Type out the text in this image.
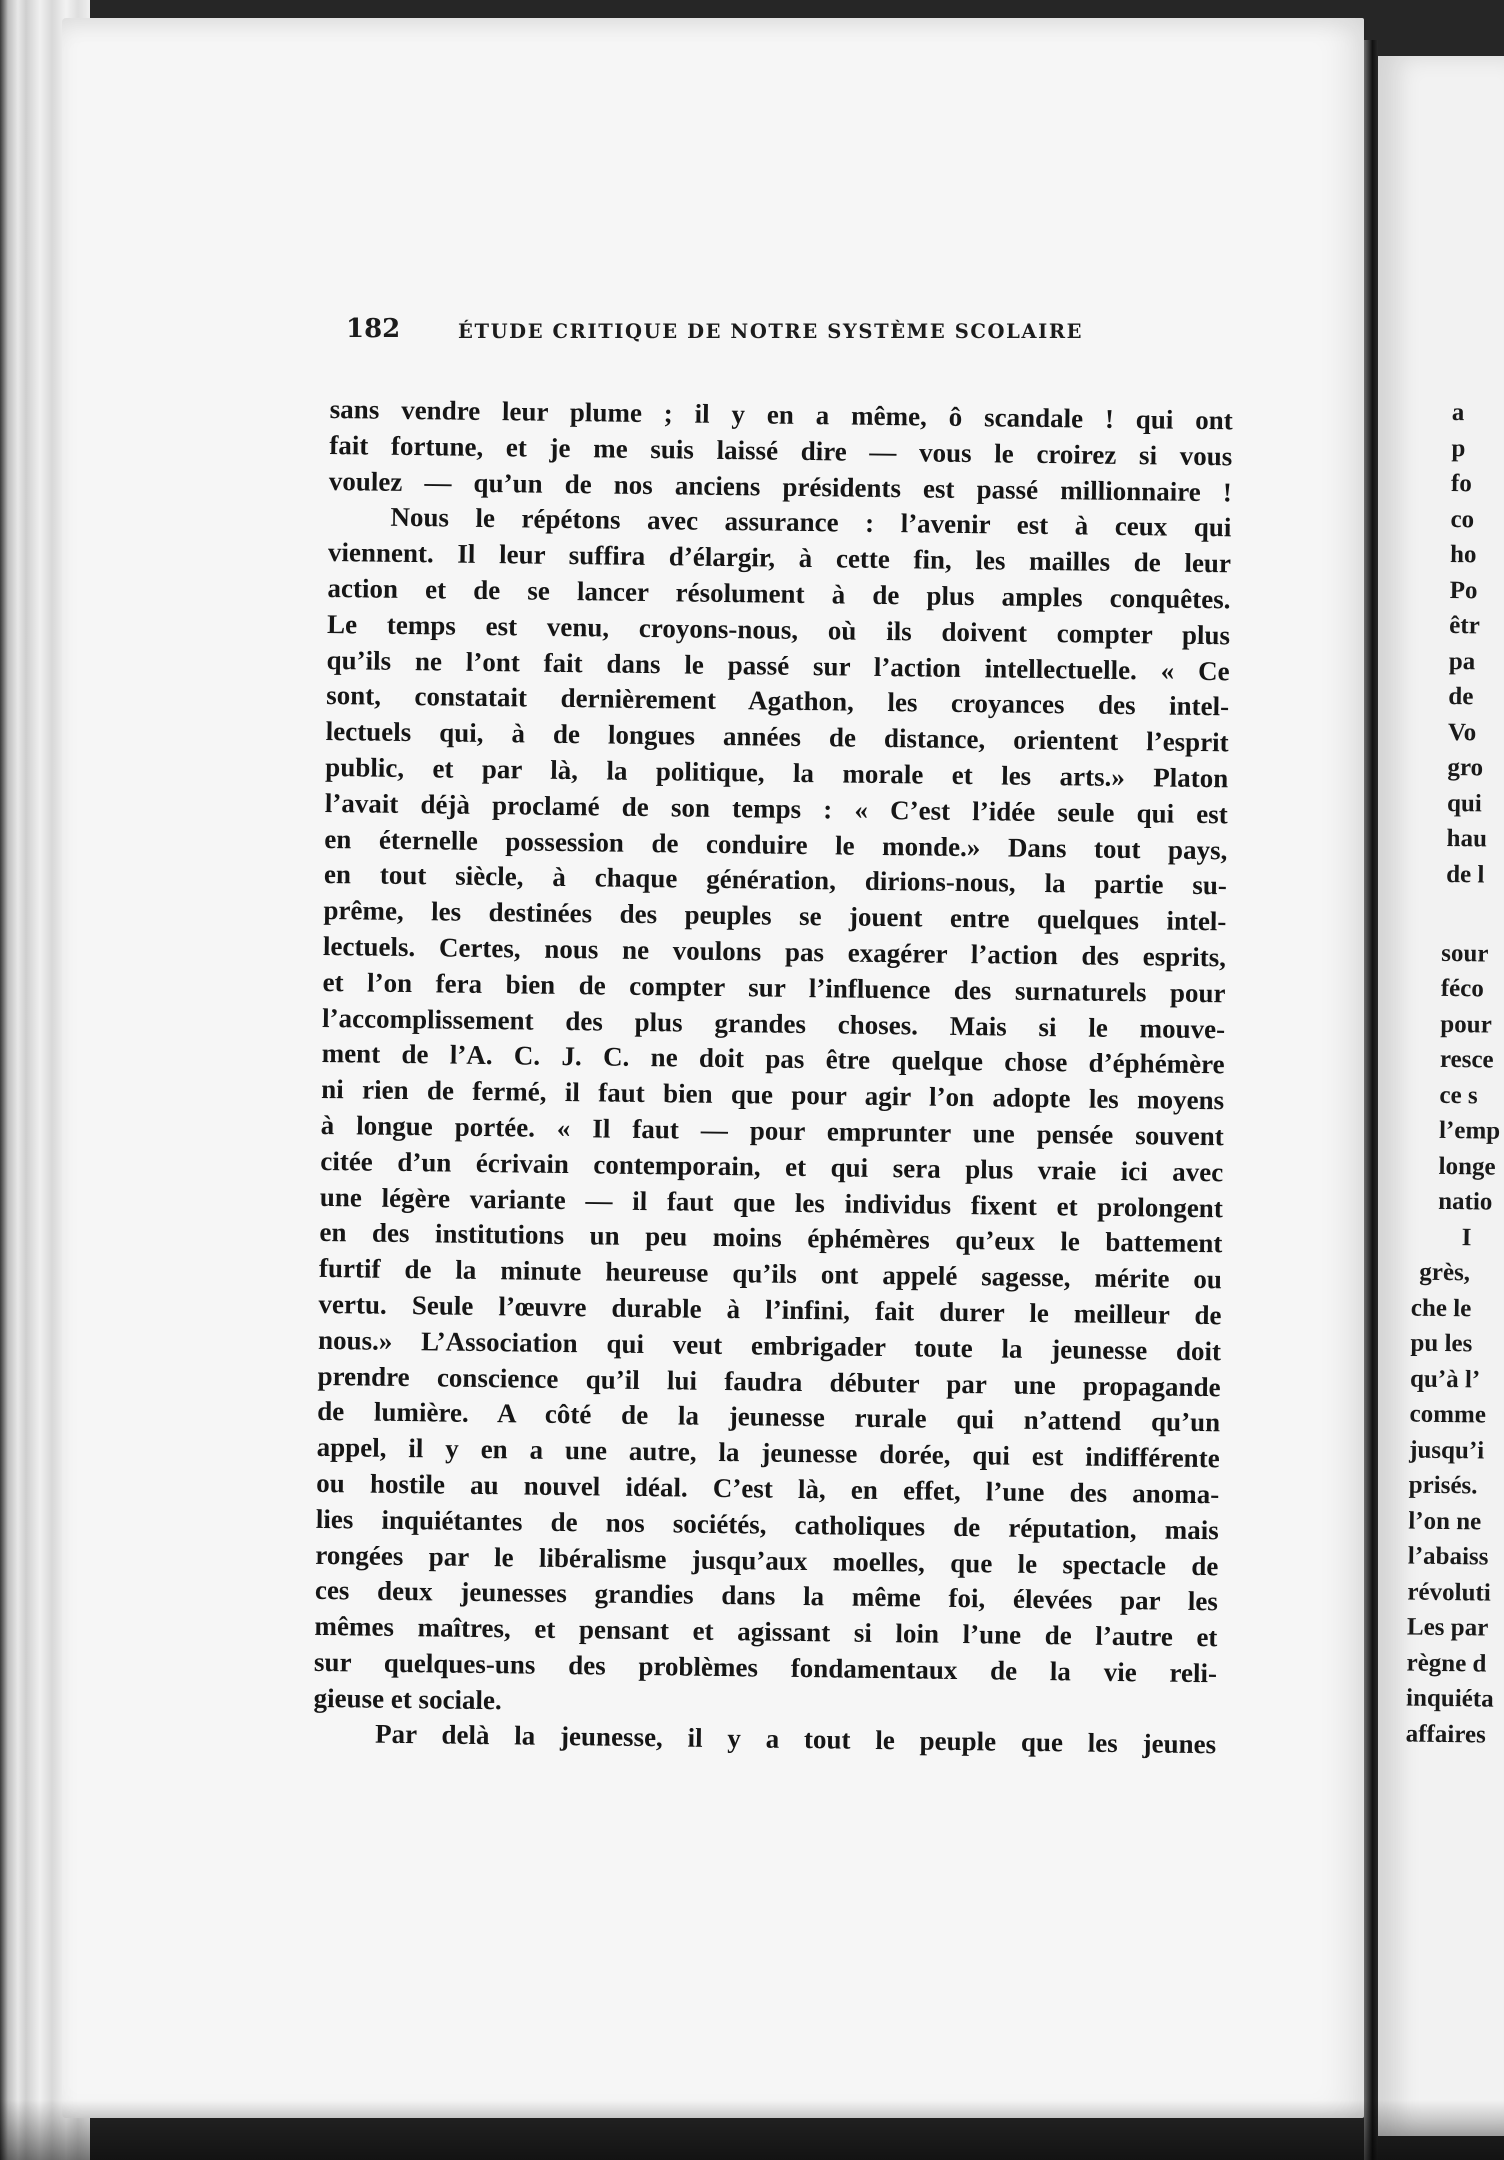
182	ÉTUDE CRITIQUE DE NOTRE SYSTÈME SCOLAIRE
sans vendre leur plume ; il y en a même, ô scandale ! qui ont
fait fortune, et je me suis laissé dire — vous le croirez si vous
voulez — qu’un de nos anciens présidents est passé millionnaire !
Nous le répétons avec assurance : l’avenir est à ceux qui
viennent. Il leur suffira d’élargir, à cette fin, les mailles de leur
action et de se lancer résolument à de plus amples conquêtes.
Le temps est venu, croyons-nous, où ils doivent compter plus
qu’ils ne l’ont fait dans le passé sur l’action intellectuelle. « Ce
sont, constatait dernièrement Agathon, les croyances des intel-
lectuels qui, à de longues années de distance, orientent l’esprit
public, et par là, la politique, la morale et les arts.» Platon
l’avait déjà proclamé de son temps : « C’est l’idée seule qui est
en éternelle possession de conduire le monde.» Dans tout pays,
en tout siècle, à chaque génération, dirions-nous, la partie su-
prême, les destinées des peuples se jouent entre quelques intel-
lectuels. Certes, nous ne voulons pas exagérer l’action des esprits,
et l’on fera bien de compter sur l’influence des surnaturels pour
l’accomplissement des plus grandes choses. Mais si le mouve-
ment de l’A. C. J. C. ne doit pas être quelque chose d’éphémère
ni rien de fermé, il faut bien que pour agir l’on adopte les moyens
à longue portée. « Il faut — pour emprunter une pensée souvent
citée d’un écrivain contemporain, et qui sera plus vraie ici avec
une légère variante — il faut que les individus fixent et prolongent
en des institutions un peu moins éphémères qu’eux le battement
furtif de la minute heureuse qu’ils ont appelé sagesse, mérite ou
vertu. Seule l’œuvre durable à l’infini, fait durer le meilleur de
nous.» L’Association qui veut embrigader toute la jeunesse doit
prendre conscience qu’il lui faudra débuter par une propagande
de lumière. A côté de la jeunesse rurale qui n’attend qu’un
appel, il y en a une autre, la jeunesse dorée, qui est indifférente
ou hostile au nouvel idéal. C’est là, en effet, l’une des anoma-
lies inquiétantes de nos sociétés, catholiques de réputation, mais
rongées par le libéralisme jusqu’aux moelles, que le spectacle de
ces deux jeunesses grandies dans la même foi, élevées par les
mêmes maîtres, et pensant et agissant si loin l’une de l’autre et
sur quelques-uns des problèmes fondamentaux de la vie reli-
gieuse et sociale.
Par delà la jeunesse, il y a tout le peuple que les jeunes
a
p
fo
co
ho
Po
êtr
pa
de
Vo
gro
qui
hau
de l
sour
féco
pour
resce
ce s
l’emp
longe
natio
I
grès,
che le
pu les
qu’à l’
comme
jusqu’i
prisés.
l’on ne
l’abaiss
révoluti
Les par
règne d
inquiéta
affaires
